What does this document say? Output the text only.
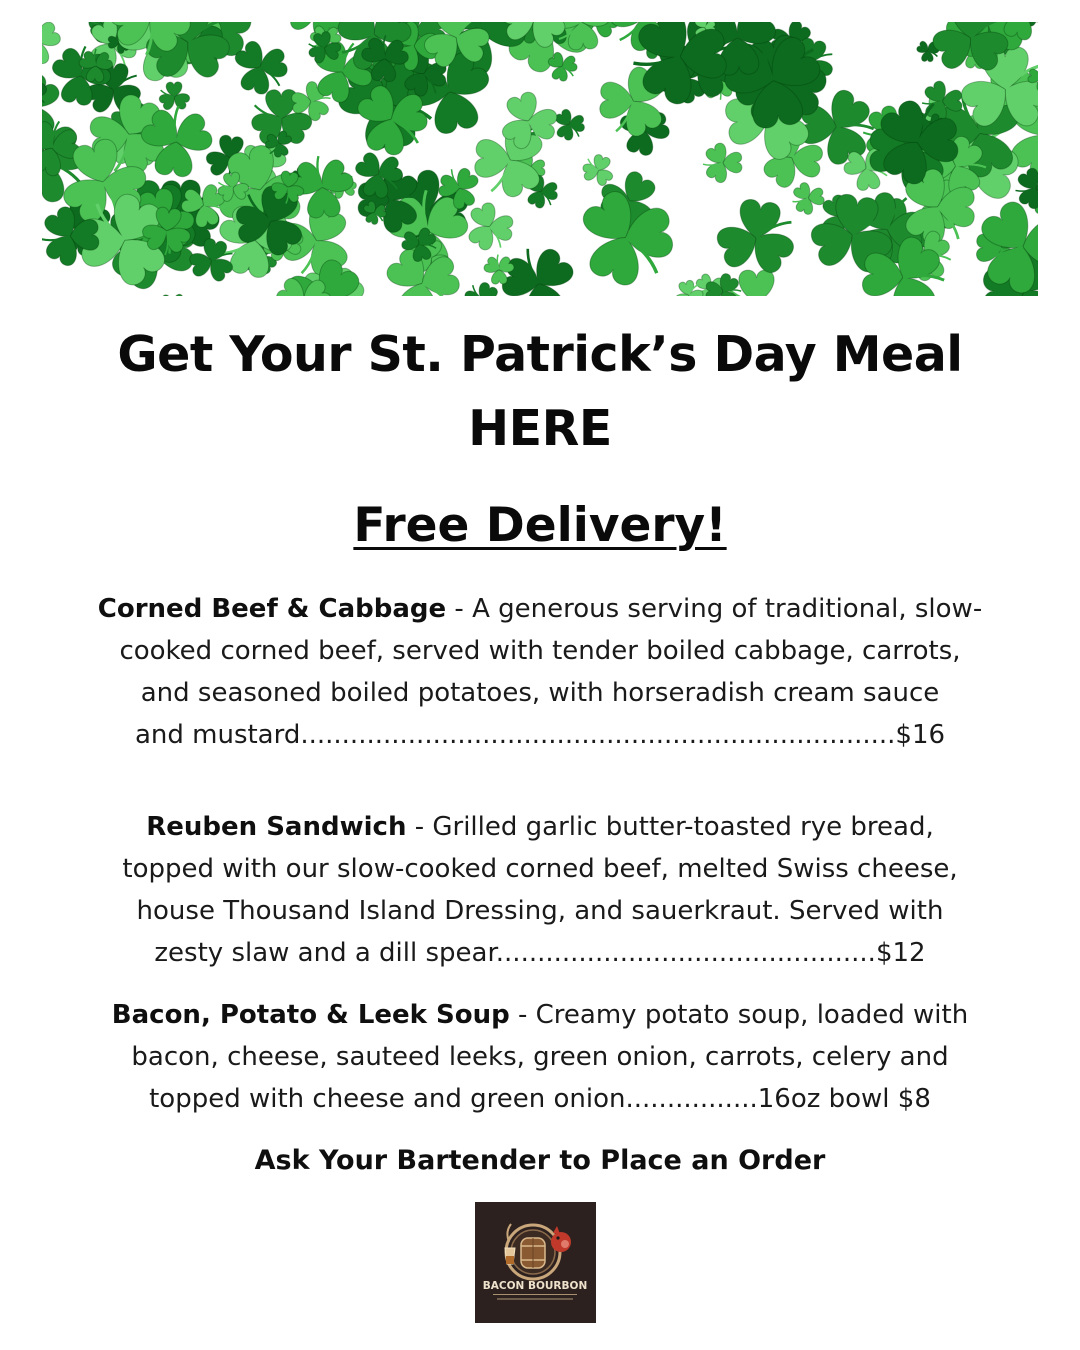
Get Your St. Patrick’s Day Meal
HERE
Free Delivery!
Corned Beef & Cabbage - A generous serving of traditional, slow-
cooked corned beef, served with tender boiled cabbage, carrots,
and seasoned boiled potatoes, with horseradish cream sauce
and mustard........................................................................$16
Reuben Sandwich - Grilled garlic butter-toasted rye bread,
topped with our slow-cooked corned beef, melted Swiss cheese,
house Thousand Island Dressing, and sauerkraut. Served with
zesty slaw and a dill spear..............................................$12
Bacon, Potato & Leek Soup - Creamy potato soup, loaded with
bacon, cheese, sauteed leeks, green onion, carrots, celery and
topped with cheese and green onion................16oz bowl $8
Ask Your Bartender to Place an Order
BACON BOURBON
